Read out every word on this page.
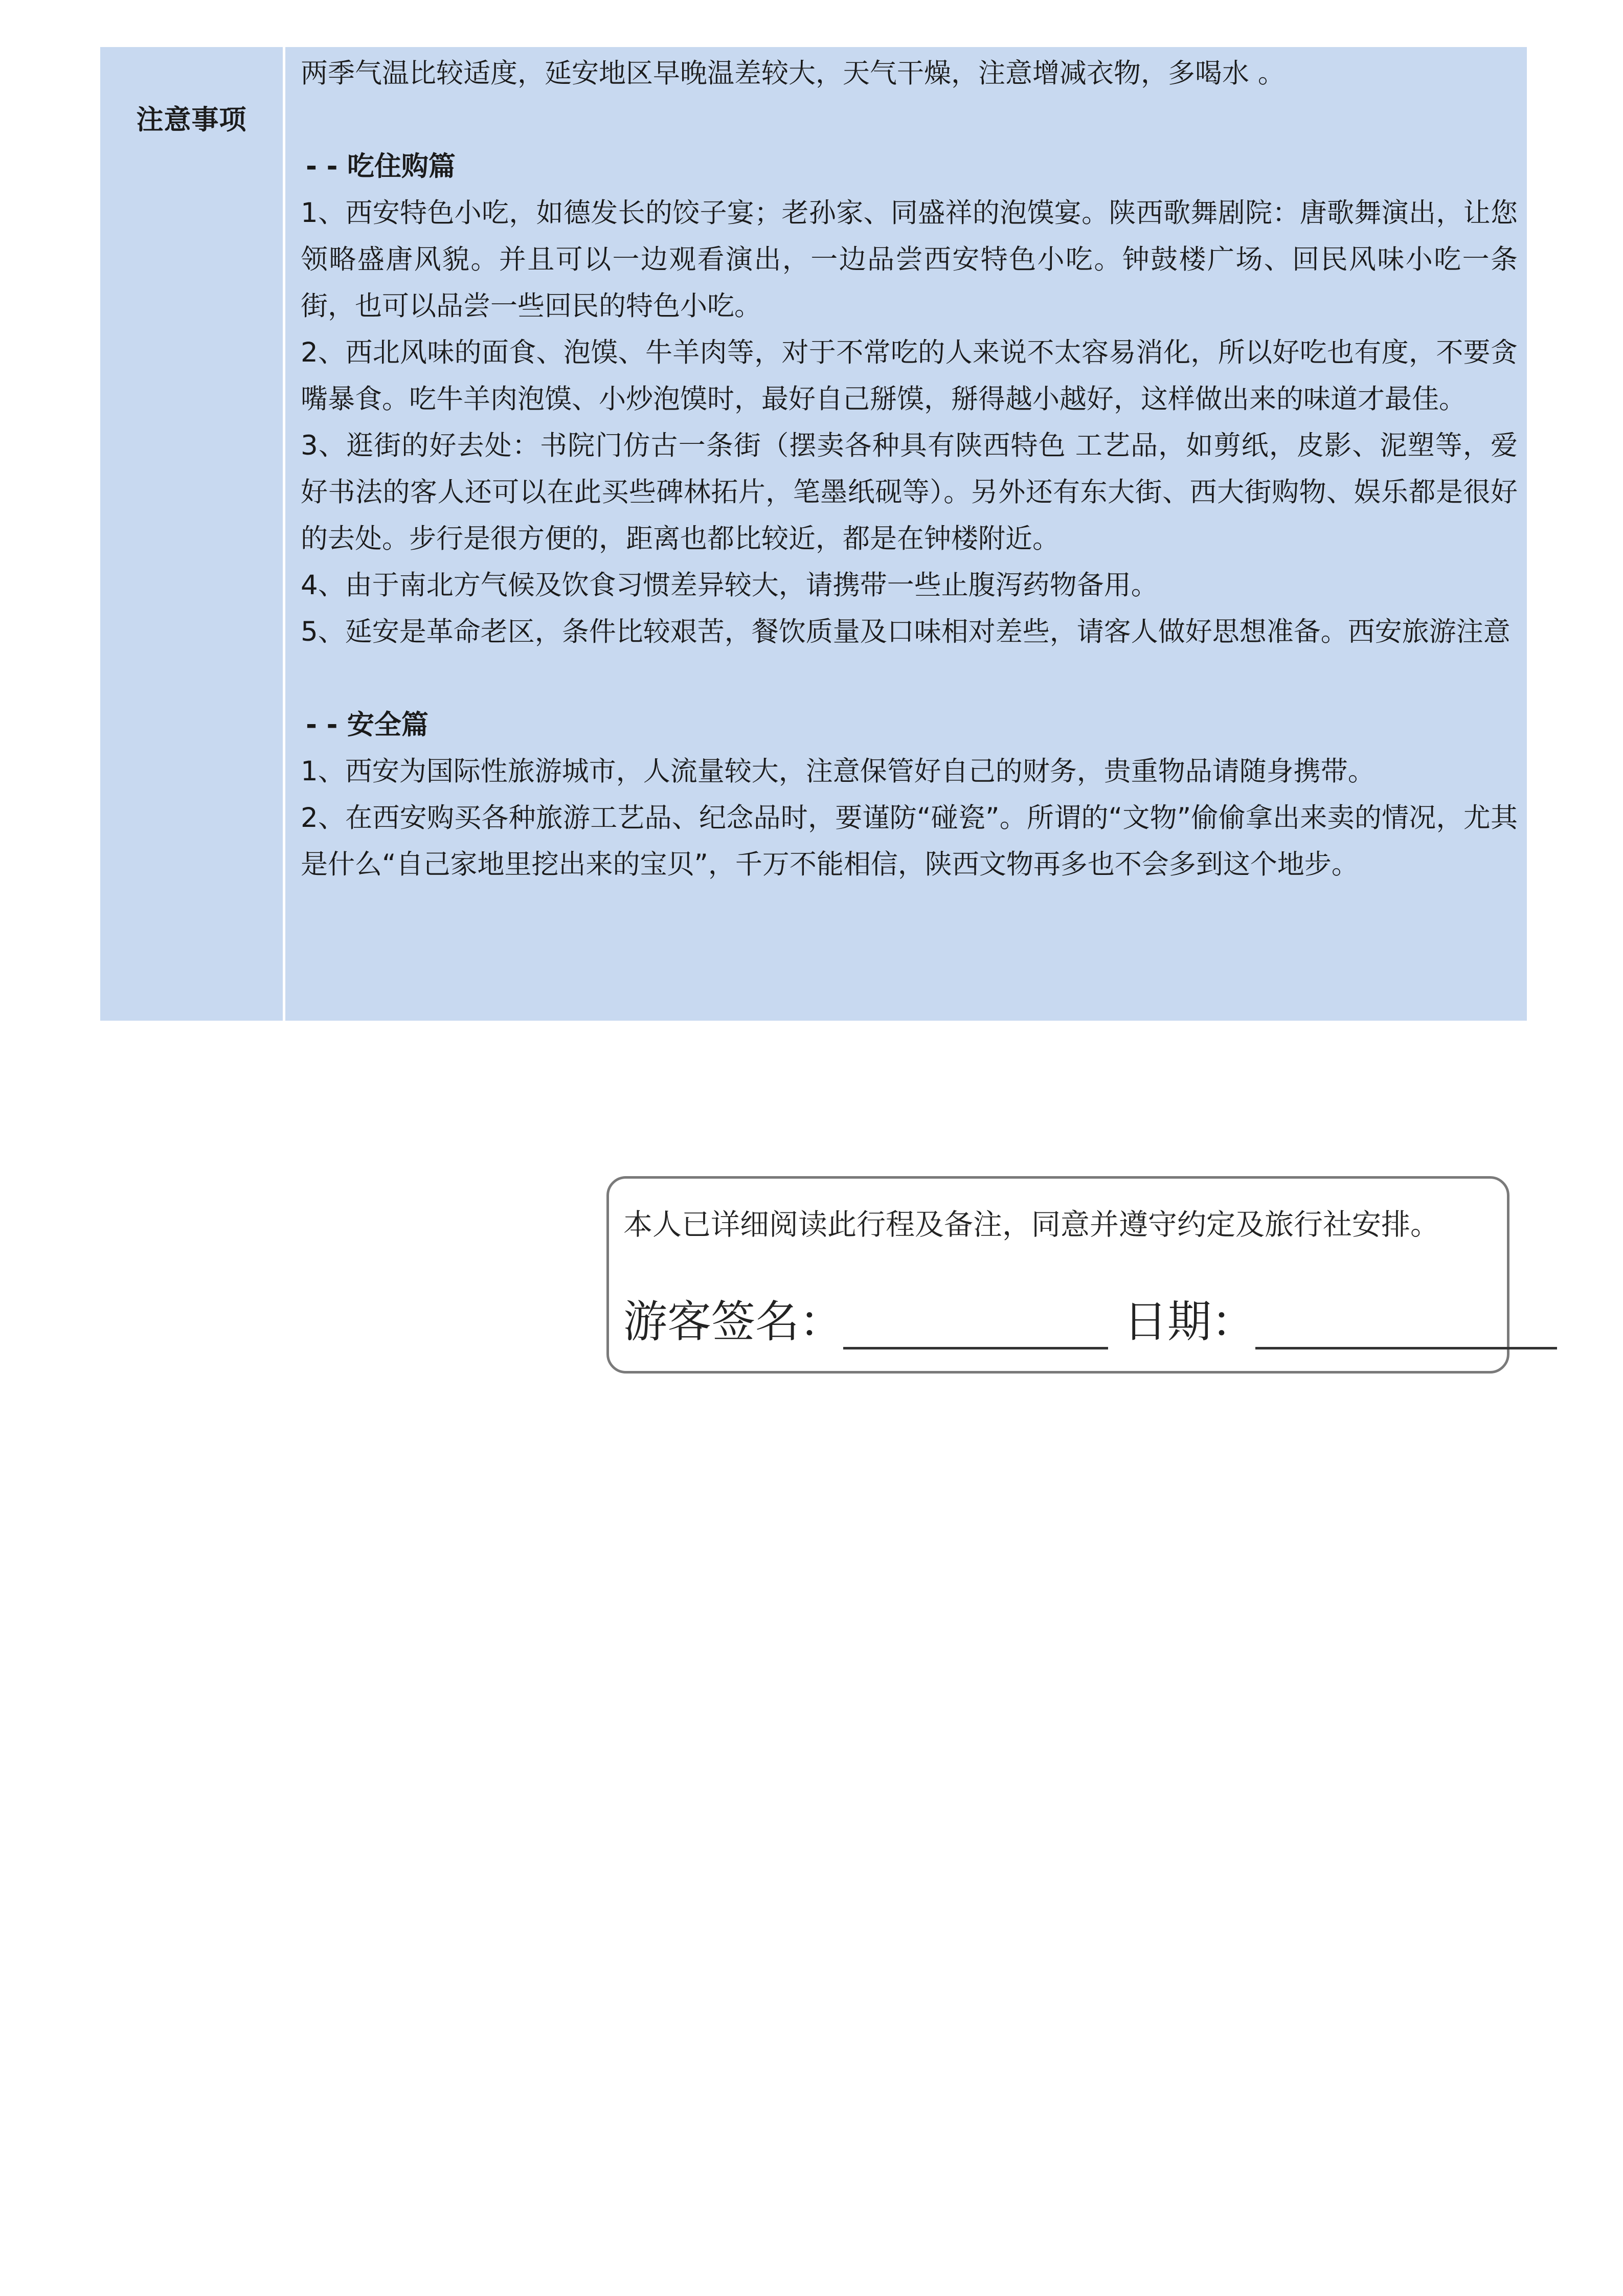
注意事项

两季气温比较适度，延安地区早晚温差较大，天气干燥，注意增减衣物，多喝水 。

- - 吃住购篇

1、西安特色小吃，如德发长的饺子宴；老孙家、同盛祥的泡馍宴。陕西歌舞剧院：唐歌舞演出，让您领略盛唐风貌。并且可以一边观看演出，一边品尝西安特色小吃。钟鼓楼广场、回民风味小吃一条街，也可以品尝一些回民的特色小吃。

2、西北风味的面食、泡馍、牛羊肉等，对于不常吃的人来说不太容易消化，所以好吃也有度，不要贪嘴暴食。吃牛羊肉泡馍、小炒泡馍时，最好自己掰馍，掰得越小越好，这样做出来的味道才最佳。

3、逛街的好去处：书院门仿古一条街（摆卖各种具有陕西特色 工艺品，如剪纸，皮影、泥塑等，爱好书法的客人还可以在此买些碑林拓片，笔墨纸砚等）。另外还有东大街、西大街购物、娱乐都是很好的去处。步行是很方便的，距离也都比较近，都是在钟楼附近。

4、由于南北方气候及饮食习惯差异较大，请携带一些止腹泻药物备用。

5、延安是革命老区，条件比较艰苦，餐饮质量及口味相对差些，请客人做好思想准备。西安旅游注意

- - 安全篇

1、西安为国际性旅游城市，人流量较大，注意保管好自己的财务，贵重物品请随身携带。

2、在西安购买各种旅游工艺品、纪念品时，要谨防“碰瓷”。所谓的“文物”偷偷拿出来卖的情况，尤其是什么“自己家地里挖出来的宝贝”，千万不能相信，陕西文物再多也不会多到这个地步。

本人已详细阅读此行程及备注，同意并遵守约定及旅行社安排。
游客签名：	日期：
